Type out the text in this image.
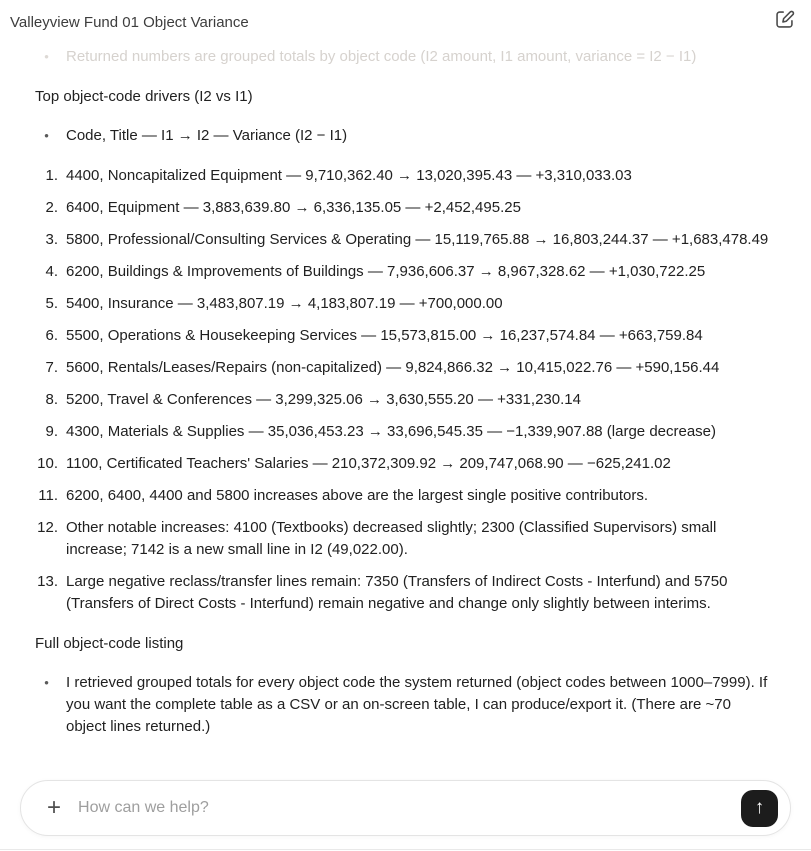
Valleyview Fund 01 Object Variance
•	Returned numbers are grouped totals by object code (I2 amount, I1 amount, variance = I2 − I1)
Top object-code drivers (I2 vs I1)
•	Code, Title — I1 → I2 — Variance (I2 − I1)
1. 4400, Noncapitalized Equipment — 9,710,362.40 → 13,020,395.43 — +3,310,033.03
2. 6400, Equipment — 3,883,639.80 → 6,336,135.05 — +2,452,495.25
3. 5800, Professional/Consulting Services & Operating — 15,119,765.88 → 16,803,244.37 — +1,683,478.49
4. 6200, Buildings & Improvements of Buildings — 7,936,606.37 → 8,967,328.62 — +1,030,722.25
5. 5400, Insurance — 3,483,807.19 → 4,183,807.19 — +700,000.00
6. 5500, Operations & Housekeeping Services — 15,573,815.00 → 16,237,574.84 — +663,759.84
7. 5600, Rentals/Leases/Repairs (non-capitalized) — 9,824,866.32 → 10,415,022.76 — +590,156.44
8. 5200, Travel & Conferences — 3,299,325.06 → 3,630,555.20 — +331,230.14
9. 4300, Materials & Supplies — 35,036,453.23 → 33,696,545.35 — −1,339,907.88 (large decrease)
10. 1100, Certificated Teachers' Salaries — 210,372,309.92 → 209,747,068.90 — −625,241.02
11. 6200, 6400, 4400 and 5800 increases above are the largest single positive contributors.
12. Other notable increases: 4100 (Textbooks) decreased slightly; 2300 (Classified Supervisors) small increase; 7142 is a new small line in I2 (49,022.00).
13. Large negative reclass/transfer lines remain: 7350 (Transfers of Indirect Costs - Interfund) and 5750 (Transfers of Direct Costs - Interfund) remain negative and change only slightly between interims.
Full object-code listing
•	I retrieved grouped totals for every object code the system returned (object codes between 1000–7999). If you want the complete table as a CSV or an on-screen table, I can produce/export it. (There are ~70 object lines returned.)
+
How can we help?	↑
